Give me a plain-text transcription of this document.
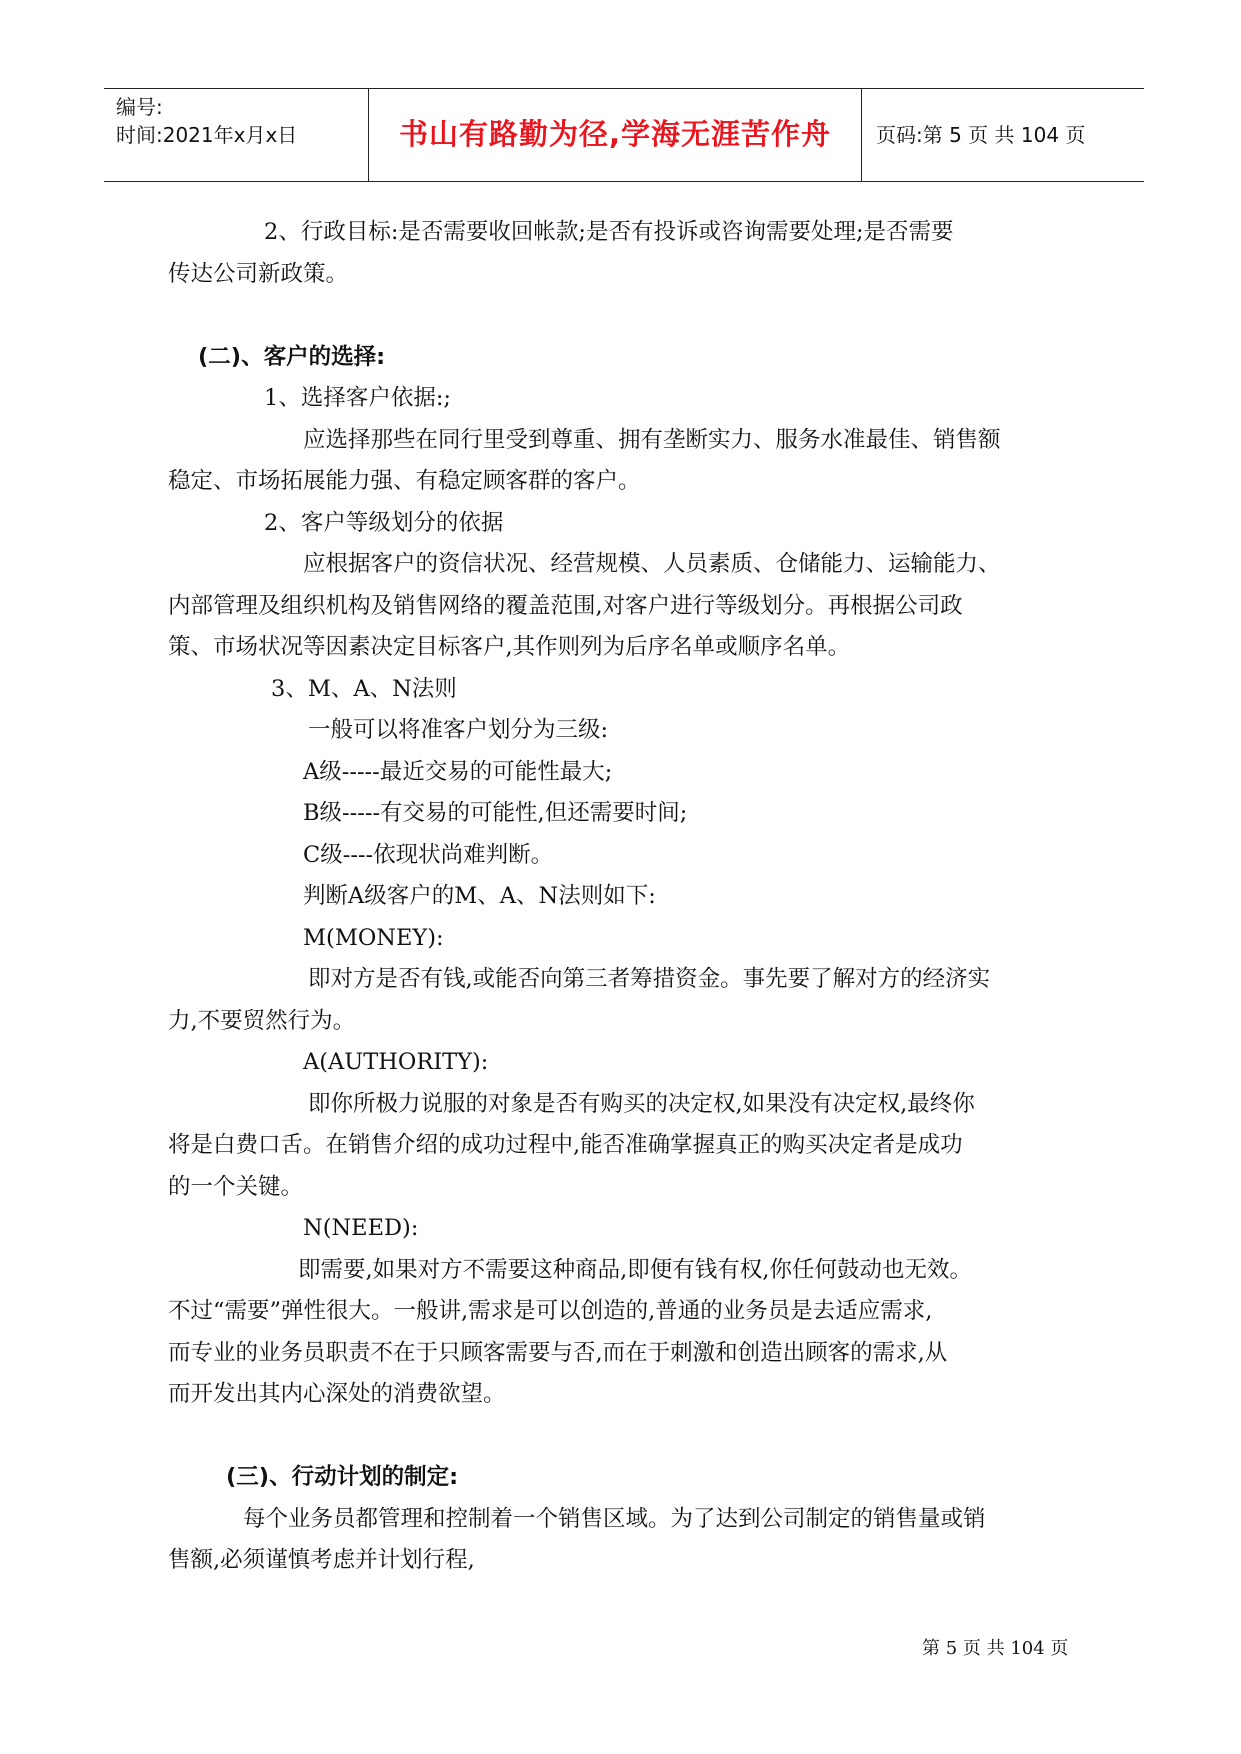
编号:
时间:2021年x月x日	书山有路勤为径,学海无涯苦作舟	页码:第 5 页 共 104 页
2、行政目标:是否需要收回帐款;是否有投诉或咨询需要处理;是否需要
传达公司新政策。
(二)、客户的选择:
1、选择客户依据:;
应选择那些在同行里受到尊重、拥有垄断实力、服务水准最佳、销售额
稳定、市场拓展能力强、有稳定顾客群的客户。
2、客户等级划分的依据
应根据客户的资信状况、经营规模、人员素质、仓储能力、运输能力、
内部管理及组织机构及销售网络的覆盖范围,对客户进行等级划分。再根据公司政
策、市场状况等因素决定目标客户,其作则列为后序名单或顺序名单。
3、M、A、N法则
一般可以将准客户划分为三级:
A级-----最近交易的可能性最大;
B级-----有交易的可能性,但还需要时间;
C级----依现状尚难判断。
判断A级客户的M、A、N法则如下:
M(MONEY):
即对方是否有钱,或能否向第三者筹措资金。事先要了解对方的经济实
力,不要贸然行为。
A(AUTHORITY):
即你所极力说服的对象是否有购买的决定权,如果没有决定权,最终你
将是白费口舌。在销售介绍的成功过程中,能否准确掌握真正的购买决定者是成功
的一个关键。
N(NEED):
即需要,如果对方不需要这种商品,即便有钱有权,你任何鼓动也无效。
不过“需要”弹性很大。一般讲,需求是可以创造的,普通的业务员是去适应需求,
而专业的业务员职责不在于只顾客需要与否,而在于刺激和创造出顾客的需求,从
而开发出其内心深处的消费欲望。
(三)、行动计划的制定:
每个业务员都管理和控制着一个销售区域。为了达到公司制定的销售量或销
售额,必须谨慎考虑并计划行程,
第 5 页 共 104 页
